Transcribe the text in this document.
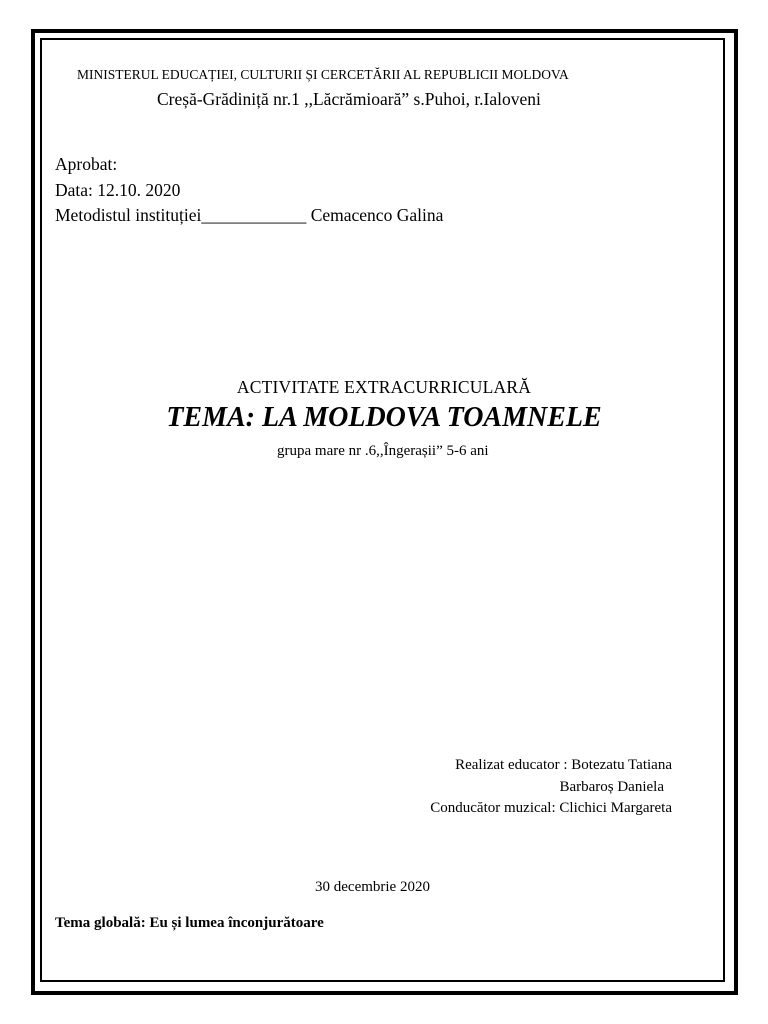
MINISTERUL EDUCAȚIEI, CULTURII ȘI CERCETĂRII AL REPUBLICII MOLDOVA

Creșă-Grădiniță nr.1 ,,Lăcrămioară” s.Puhoi, r.Ialoveni

Aprobat:

Data: 12.10. 2020

Metodistul instituției____________ Cemacenco Galina

ACTIVITATE EXTRACURRICULARĂ

TEMA: LA MOLDOVA TOAMNELE

grupa mare nr .6,,Îngerașii” 5-6 ani

Realizat educator : Botezatu Tatiana
Barbaroș Daniela
Conducător muzical: Clichici Margareta

30 decembrie 2020

Tema globală: Eu și lumea înconjurătoare
